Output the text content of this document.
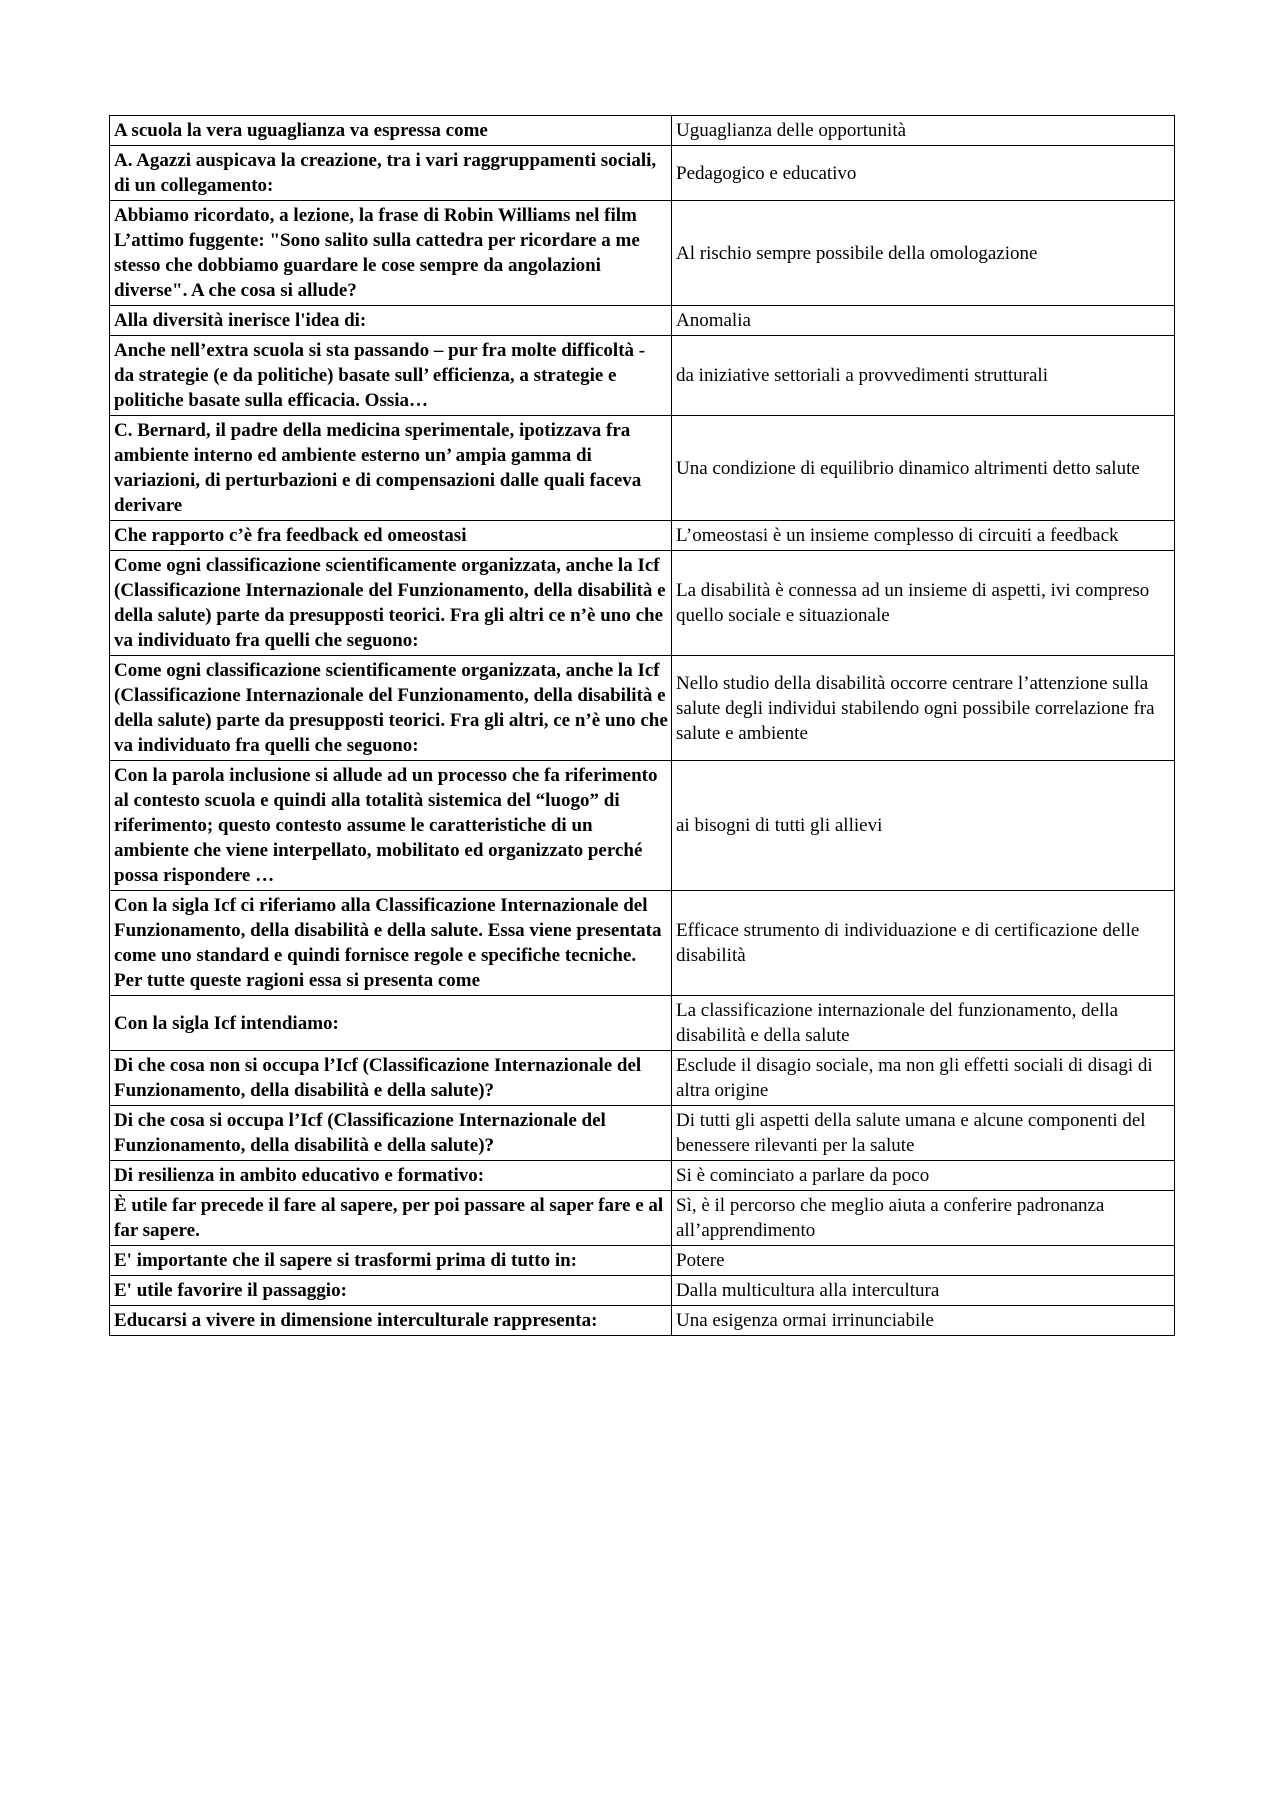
A scuola la vera uguaglianza va espressa come	Uguaglianza delle opportunità
A. Agazzi auspicava la creazione, tra i vari raggruppamenti sociali, di un collegamento:	Pedagogico e educativo
Abbiamo ricordato, a lezione, la frase di Robin Williams nel film L’attimo fuggente: "Sono salito sulla cattedra per ricordare a me stesso che dobbiamo guardare le cose sempre da angolazioni diverse". A che cosa si allude?	Al rischio sempre possibile della omologazione
Alla diversità inerisce l'idea di:	Anomalia
Anche nell’extra scuola si sta passando – pur fra molte difficoltà - da strategie (e da politiche) basate sull’ efficienza, a strategie e politiche basate sulla efficacia. Ossia…	da iniziative settoriali a provvedimenti strutturali
C. Bernard, il padre della medicina sperimentale, ipotizzava fra ambiente interno ed ambiente esterno un’ ampia gamma di variazioni, di perturbazioni e di compensazioni dalle quali faceva derivare	Una condizione di equilibrio dinamico altrimenti detto salute
Che rapporto c’è fra feedback ed omeostasi	L’omeostasi è un insieme complesso di circuiti a feedback
Come ogni classificazione scientificamente organizzata, anche la Icf (Classificazione Internazionale del Funzionamento, della disabilità e della salute) parte da presupposti teorici. Fra gli altri ce n’è uno che va individuato fra quelli che seguono:	La disabilità è connessa ad un insieme di aspetti, ivi compreso quello sociale e situazionale
Come ogni classificazione scientificamente organizzata, anche la Icf (Classificazione Internazionale del Funzionamento, della disabilità e della salute) parte da presupposti teorici. Fra gli altri, ce n’è uno che va individuato fra quelli che seguono:	Nello studio della disabilità occorre centrare l’attenzione sulla salute degli individui stabilendo ogni possibile correlazione fra salute e ambiente
Con la parola inclusione si allude ad un processo che fa riferimento al contesto scuola e quindi alla totalità sistemica del “luogo” di riferimento; questo contesto assume le caratteristiche di un ambiente che viene interpellato, mobilitato ed organizzato perché possa rispondere …	ai bisogni di tutti gli allievi
Con la sigla Icf ci riferiamo alla Classificazione Internazionale del Funzionamento, della disabilità e della salute. Essa viene presentata come uno standard e quindi fornisce regole e specifiche tecniche. Per tutte queste ragioni essa si presenta come	Efficace strumento di individuazione e di certificazione delle disabilità
Con la sigla Icf intendiamo:	La classificazione internazionale del funzionamento, della disabilità e della salute
Di che cosa non si occupa l’Icf (Classificazione Internazionale del Funzionamento, della disabilità e della salute)?	Esclude il disagio sociale, ma non gli effetti sociali di disagi di altra origine
Di che cosa si occupa l’Icf (Classificazione Internazionale del Funzionamento, della disabilità e della salute)?	Di tutti gli aspetti della salute umana e alcune componenti del benessere rilevanti per la salute
Di resilienza in ambito educativo e formativo:	Si è cominciato a parlare da poco
È utile far precede il fare al sapere, per poi passare al saper fare e al far sapere.	Sì, è il percorso che meglio aiuta a conferire padronanza all’apprendimento
E' importante che il sapere si trasformi prima di tutto in:	Potere
E' utile favorire il passaggio:	Dalla multicultura alla intercultura
Educarsi a vivere in dimensione interculturale rappresenta:	Una esigenza ormai irrinunciabile
